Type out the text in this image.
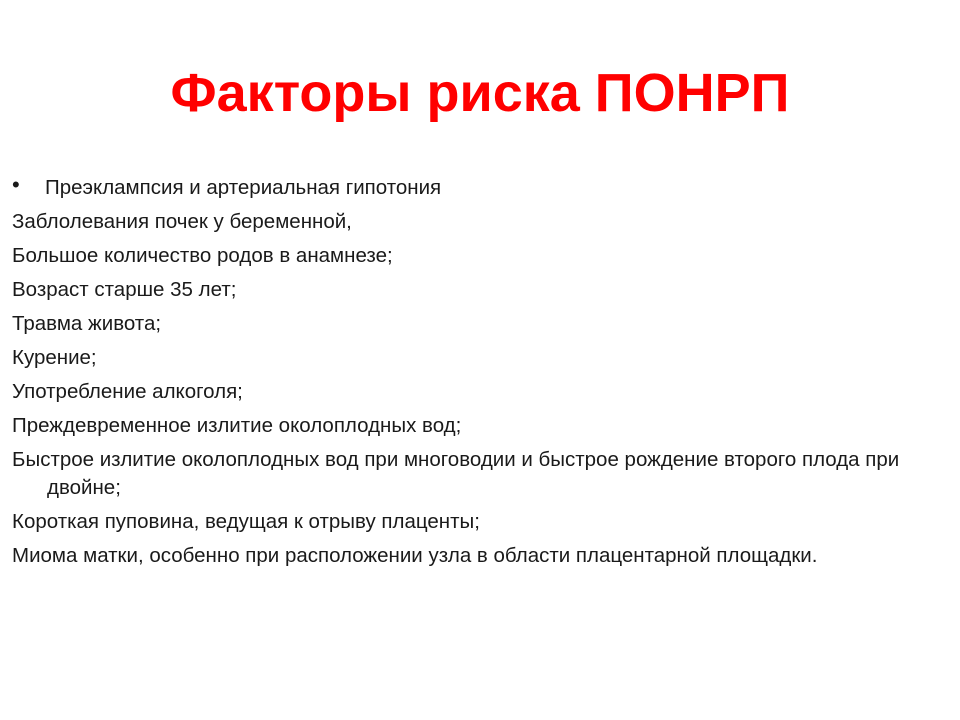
Факторы риска ПОНРП
• Преэклампсия и артериальная гипотония
Заблолевания почек у беременной,
Большое количество родов в анамнезе;
Возраст старше 35 лет;
Травма живота;
Курение;
Употребление алкоголя;
Преждевременное излитие околоплодных вод;
Быстрое излитие околоплодных вод при многоводии и быстрое рождение второго плода при двойне;
Короткая пуповина, ведущая к отрыву плаценты;
Миома матки, особенно при расположении узла в области плацентарной площадки.
